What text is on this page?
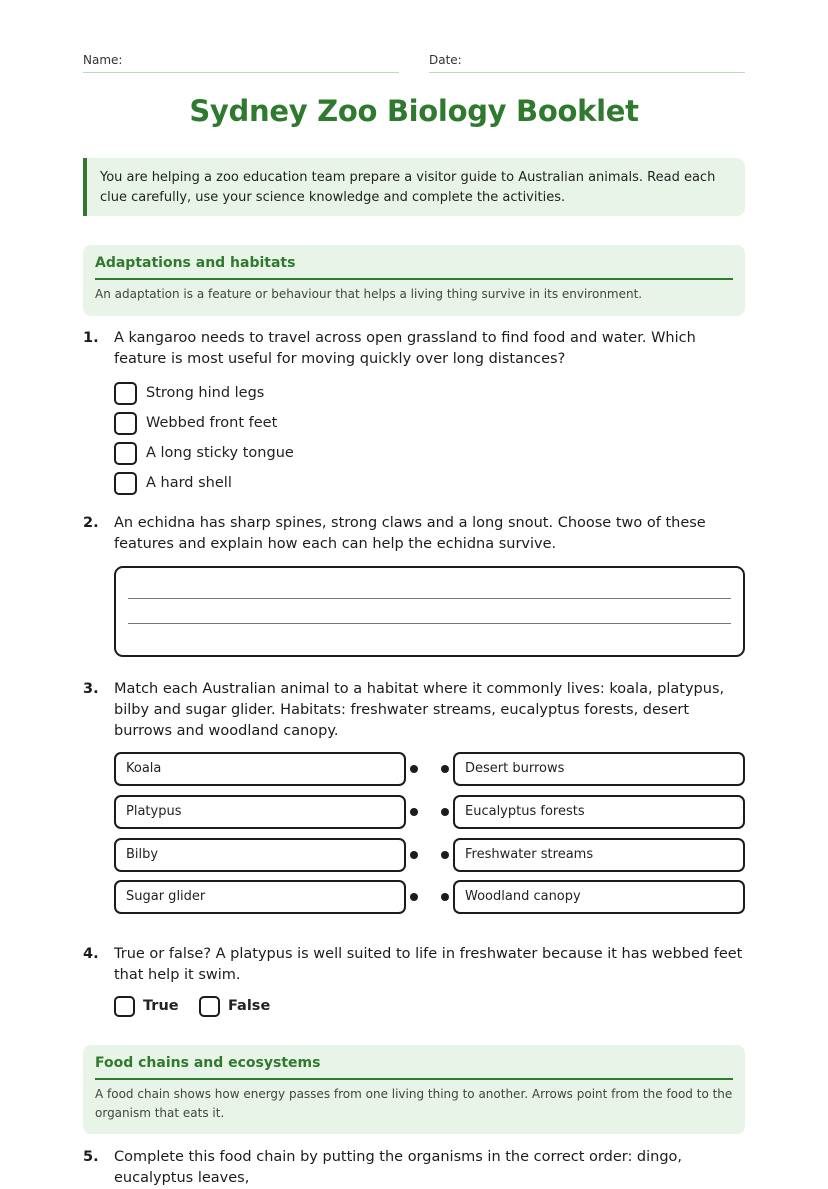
Name:	Date:
Sydney Zoo Biology Booklet
You are helping a zoo education team prepare a visitor guide to Australian animals. Read each clue carefully, use your science knowledge and complete the activities.
Adaptations and habitats
An adaptation is a feature or behaviour that helps a living thing survive in its environment.
1. A kangaroo needs to travel across open grassland to find food and water. Which feature is most useful for moving quickly over long distances?
Strong hind legs
Webbed front feet
A long sticky tongue
A hard shell
2. An echidna has sharp spines, strong claws and a long snout. Choose two of these features and explain how each can help the echidna survive.
3. Match each Australian animal to a habitat where it commonly lives: koala, platypus, bilby and sugar glider. Habitats: freshwater streams, eucalyptus forests, desert burrows and woodland canopy.
Koala
Platypus
Bilby
Sugar glider
Desert burrows
Eucalyptus forests
Freshwater streams
Woodland canopy
4. True or false? A platypus is well suited to life in freshwater because it has webbed feet that help it swim.
True	False
Food chains and ecosystems
A food chain shows how energy passes from one living thing to another. Arrows point from the food to the organism that eats it.
5. Complete this food chain by putting the organisms in the correct order: dingo, eucalyptus leaves,
